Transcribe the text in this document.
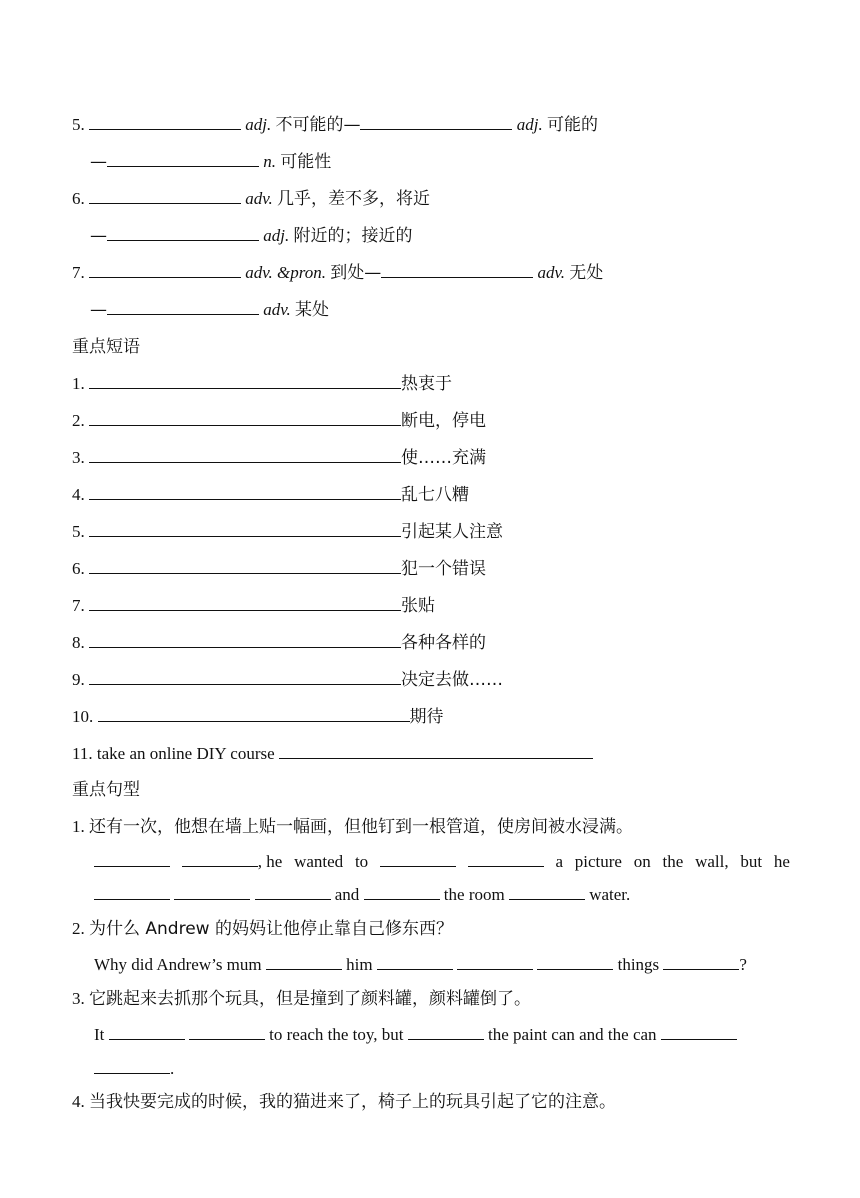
5.	adj. 不可能的—	adj. 可能的
—	n. 可能性
6.	adv. 几乎，差不多，将近
—	adj. 附近的；接近的
7.	adv. &pron. 到处—	adv. 无处
—	adv. 某处
重点短语
1.	热衷于
2.	断电，停电
3.	使……充满
4.	乱七八糟
5.	引起某人注意
6.	犯一个错误
7.	张贴
8.	各种各样的
9.	决定去做……
10.	期待
11. take an online DIY course
重点句型
1. 还有一次，他想在墙上贴一幅画，但他钉到一根管道，使房间被水浸满。
, he wanted to	a picture on the wall, but he
and	the room	water.
2. 为什么 Andrew 的妈妈让他停止靠自己修东西？
Why did Andrew’s mum	him	things	?
3. 它跳起来去抓那个玩具，但是撞到了颜料罐，颜料罐倒了。
It	to reach the toy, but	the paint can and the can
.
4. 当我快要完成的时候，我的猫进来了，椅子上的玩具引起了它的注意。
